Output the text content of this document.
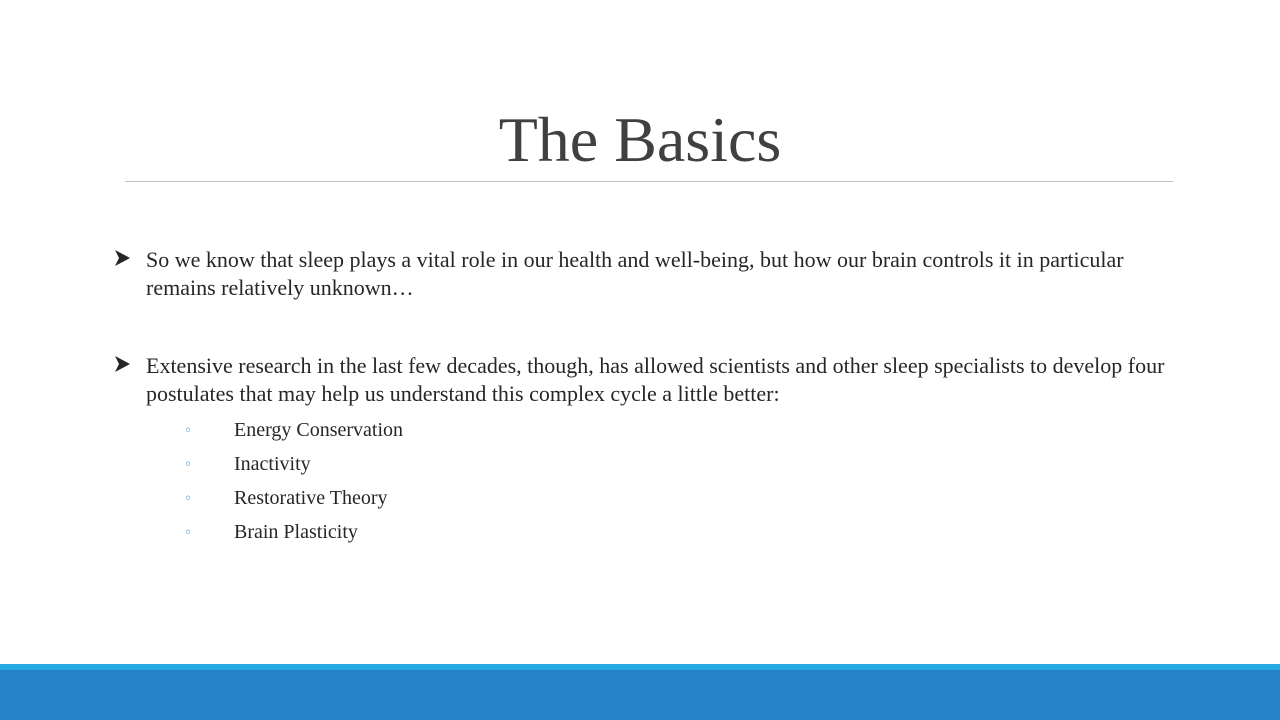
The Basics
So we know that sleep plays a vital role in our health and well-being, but how our brain controls it in particular remains relatively unknown…
Extensive research in the last few decades, though, has allowed scientists and other sleep specialists to develop four postulates that may help us understand this complex cycle a little better:
◦ Energy Conservation
◦ Inactivity
◦ Restorative Theory
◦ Brain Plasticity
